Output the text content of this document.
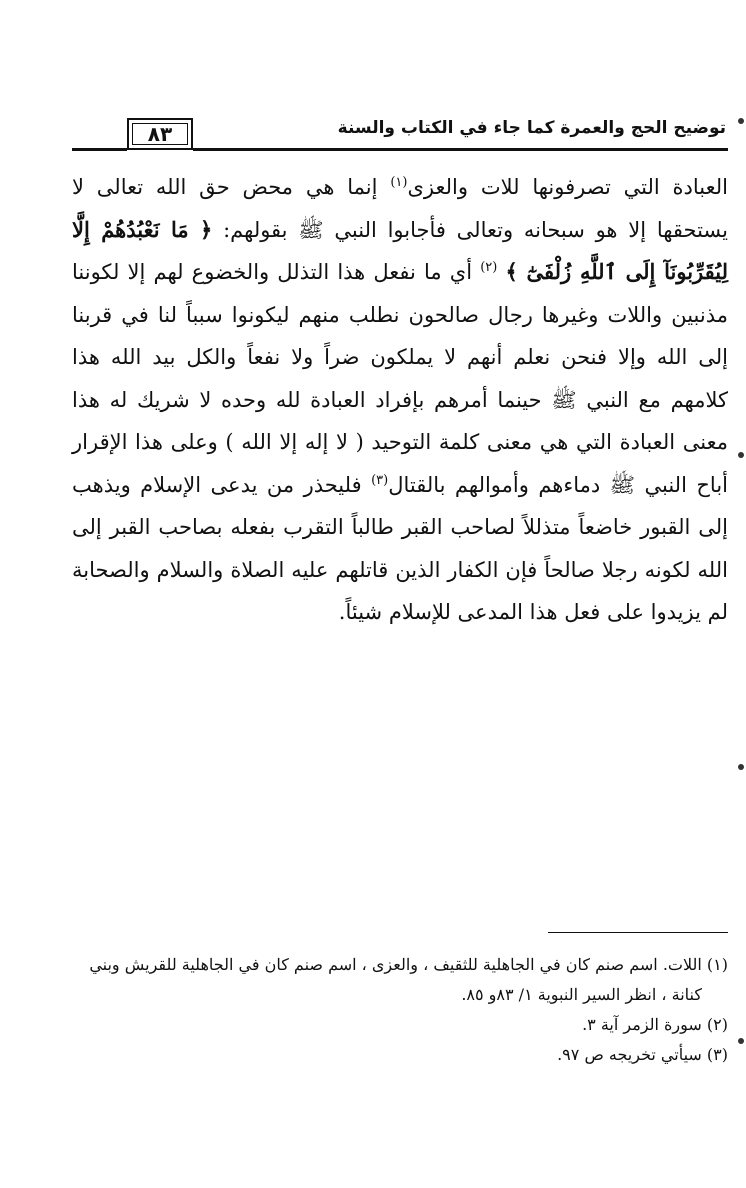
توضيح الحج والعمرة كما جاء في الكتاب والسنة
٨٣

العبادة التي تصرفونها للات والعزى$^{(١)}$ إنما هي محض حق الله تعالى لا يستحقها إلا هو سبحانه وتعالى فأجابوا النبي ﷺ بقولهم: ﴿ مَا نَعْبُدُهُمْ إِلَّا لِيُقَرِّبُونَآ إِلَى ٱللَّهِ زُلْفَىٰٓ ﴾ $^{(٢)}$ أي ما نفعل هذا التذلل والخضوع لهم إلا لكوننا مذنبين واللات وغيرها رجال صالحون نطلب منهم ليكونوا سبباً لنا في قربنا إلى الله وإلا فنحن نعلم أنهم لا يملكون ضراً ولا نفعاً والكل بيد الله هذا كلامهم مع النبي ﷺ حينما أمرهم بإفراد العبادة لله وحده لا شريك له هذا معنى العبادة التي هي معنى كلمة التوحيد ( لا إله إلا الله ) وعلى هذا الإقرار أباح النبي ﷺ دماءهم وأموالهم بالقتال$^{(٣)}$ فليحذر من يدعى الإسلام ويذهب إلى القبور خاضعاً متذللاً لصاحب القبر طالباً التقرب بفعله بصاحب القبر إلى الله لكونه رجلا صالحاً فإن الكفار الذين قاتلهم عليه الصلاة والسلام والصحابة لم يزيدوا على فعل هذا المدعى للإسلام شيئاً.

(١) اللات. اسم صنم كان في الجاهلية للثقيف ، والعزى ، اسم صنم كان في الجاهلية للقريش وبني

كنانة ، انظر السير النبوية ١/ ٨٣و ٨٥.

(٢) سورة الزمر آية ٣.

(٣) سيأتي تخريجه ص ٩٧.
